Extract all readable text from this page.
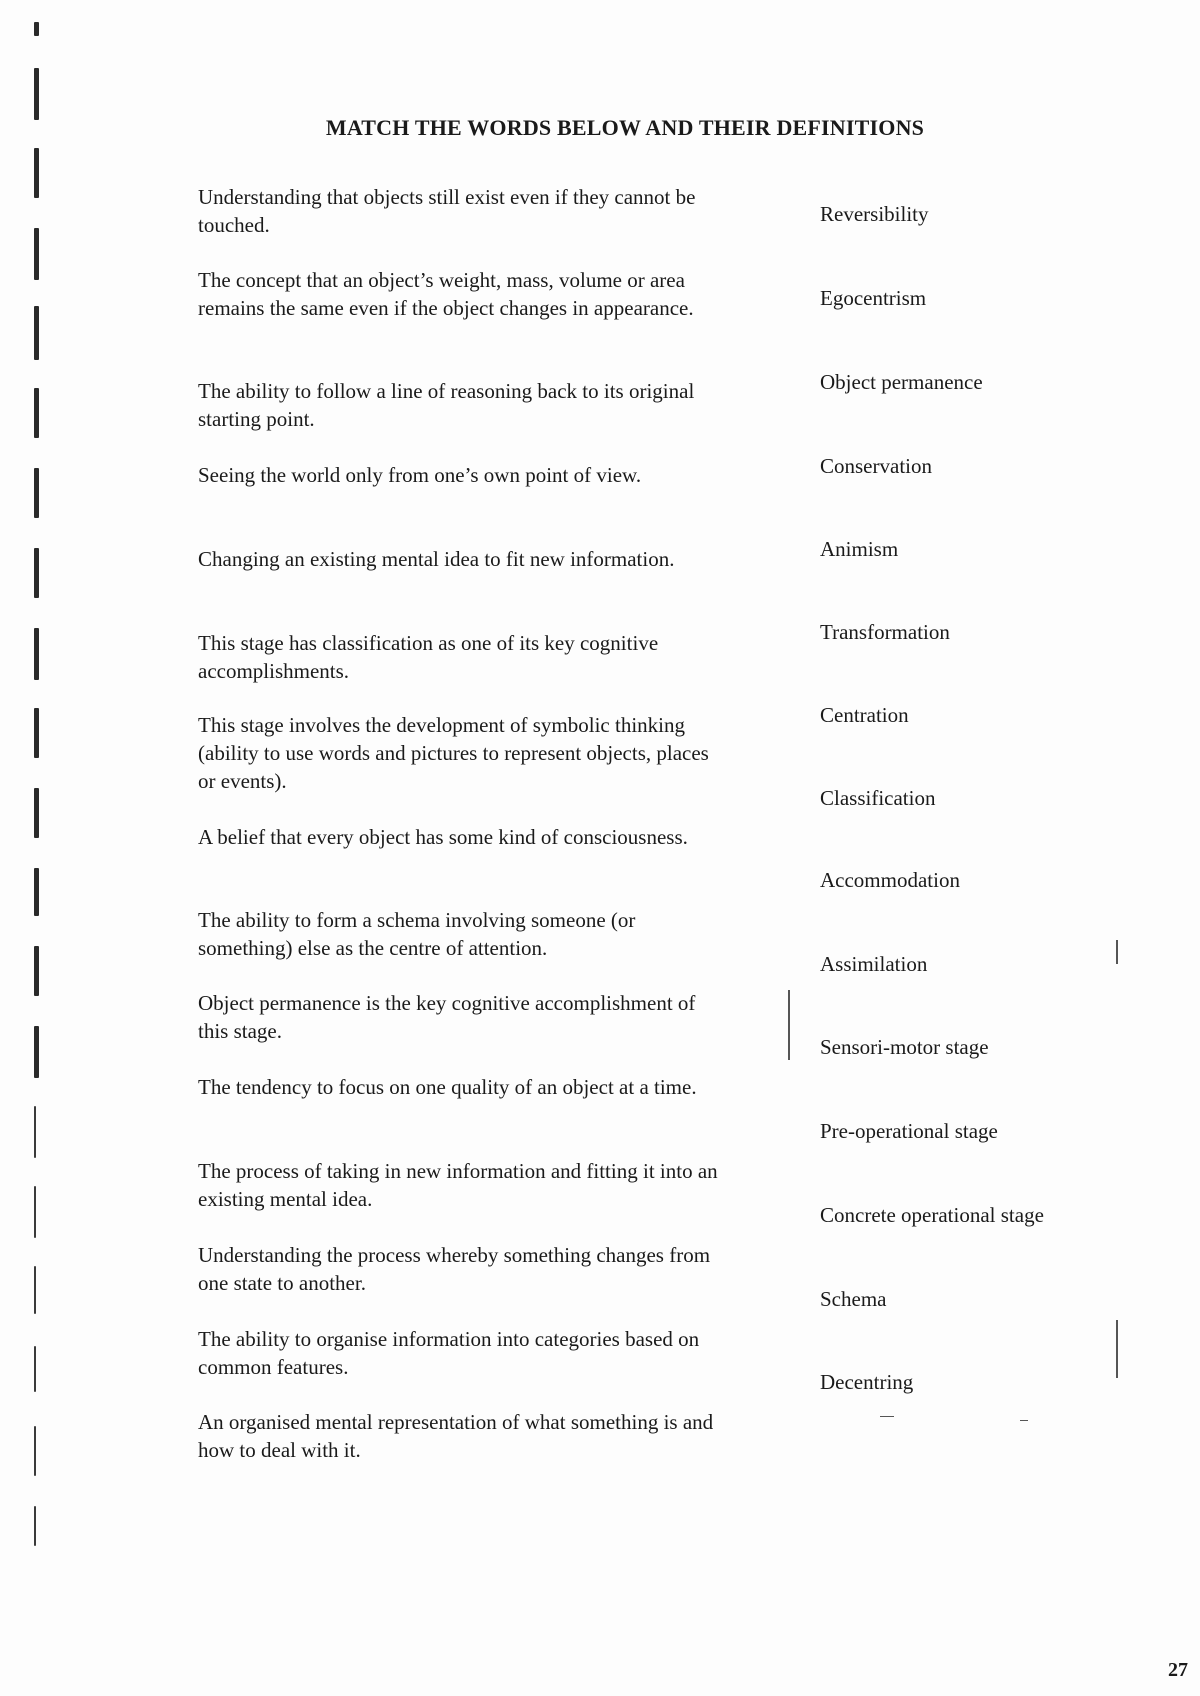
MATCH THE WORDS BELOW AND THEIR DEFINITIONS
Understanding that objects still exist even if they cannot be touched.
The concept that an object’s weight, mass, volume or area remains the same even if the object changes in appearance.
The ability to follow a line of reasoning back to its original starting point.
Seeing the world only from one’s own point of view.
Changing an existing mental idea to fit new information.
This stage has classification as one of its key cognitive accomplishments.
This stage involves the development of symbolic thinking (ability to use words and pictures to represent objects, places or events).
A belief that every object has some kind of consciousness.
The ability to form a schema involving someone (or something) else as the centre of attention.
Object permanence is the key cognitive accomplishment of this stage.
The tendency to focus on one quality of an object at a time.
The process of taking in new information and fitting it into an existing mental idea.
Understanding the process whereby something changes from one state to another.
The ability to organise information into categories based on common features.
An organised mental representation of what something is and how to deal with it.
Reversibility
Egocentrism
Object permanence
Conservation
Animism
Transformation
Centration
Classification
Accommodation
Assimilation
Sensori-motor stage
Pre-operational stage
Concrete operational stage
Schema
Decentring
27
